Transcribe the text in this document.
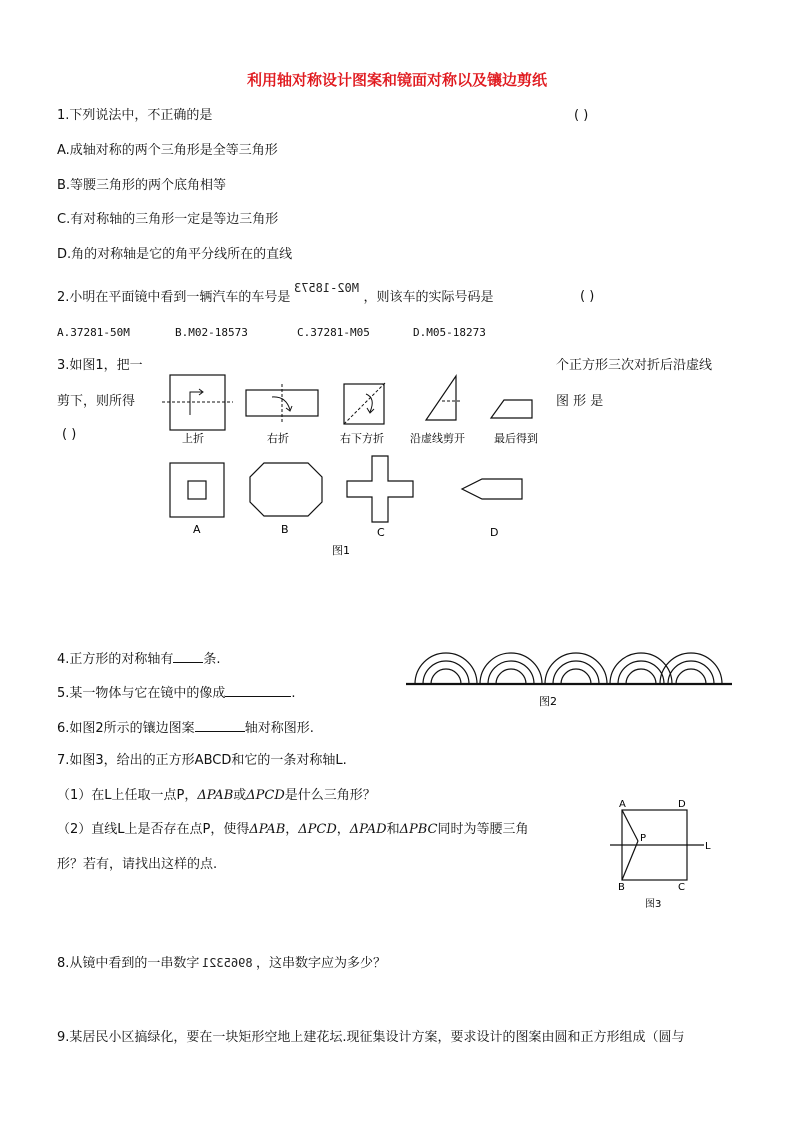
利用轴对称设计图案和镜面对称以及镶边剪纸
1.下列说法中，不正确的是	( )
A.成轴对称的两个三角形是全等三角形
B.等腰三角形的两个底角相等
C.有对称轴的三角形一定是等边三角形
D.角的对称轴是它的角平分线所在的直线
2.小明在平面镜中看到一辆汽车的车号是M02-18573，则该车的实际号码是	( )
A.37281-50M	B.M02-18573	C.37281-M05	D.M05-18273
3.如图1，把一	个正方形三次对折后沿虚线
剪下，则所得	图 形 是
( )	上折	右折	右下方折 沿虚线剪开	最后得到
A	B	C	D
图1
4.正方形的对称轴有 条.
5.某一物体与它在镜中的像成	.
6.如图2所示的镶边图案	轴对称图形.
图2
7.如图3，给出的正方形ABCD和它的一条对称轴L.
（1）在L上任取一点P，ΔPAB或ΔPCD是什么三角形？
（2）直线L上是否存在点P，使得ΔPAB，ΔPCD，ΔPAD和ΔPBC同时为等腰三角
形？若有，请找出这样的点.
A	D
P
L
B	C
图3
8.从镜中看到的一串数字 8965321 ，这串数字应为多少？
9.某居民小区搞绿化，要在一块矩形空地上建花坛.现征集设计方案，要求设计的图案由圆和正方形组成（圆与
